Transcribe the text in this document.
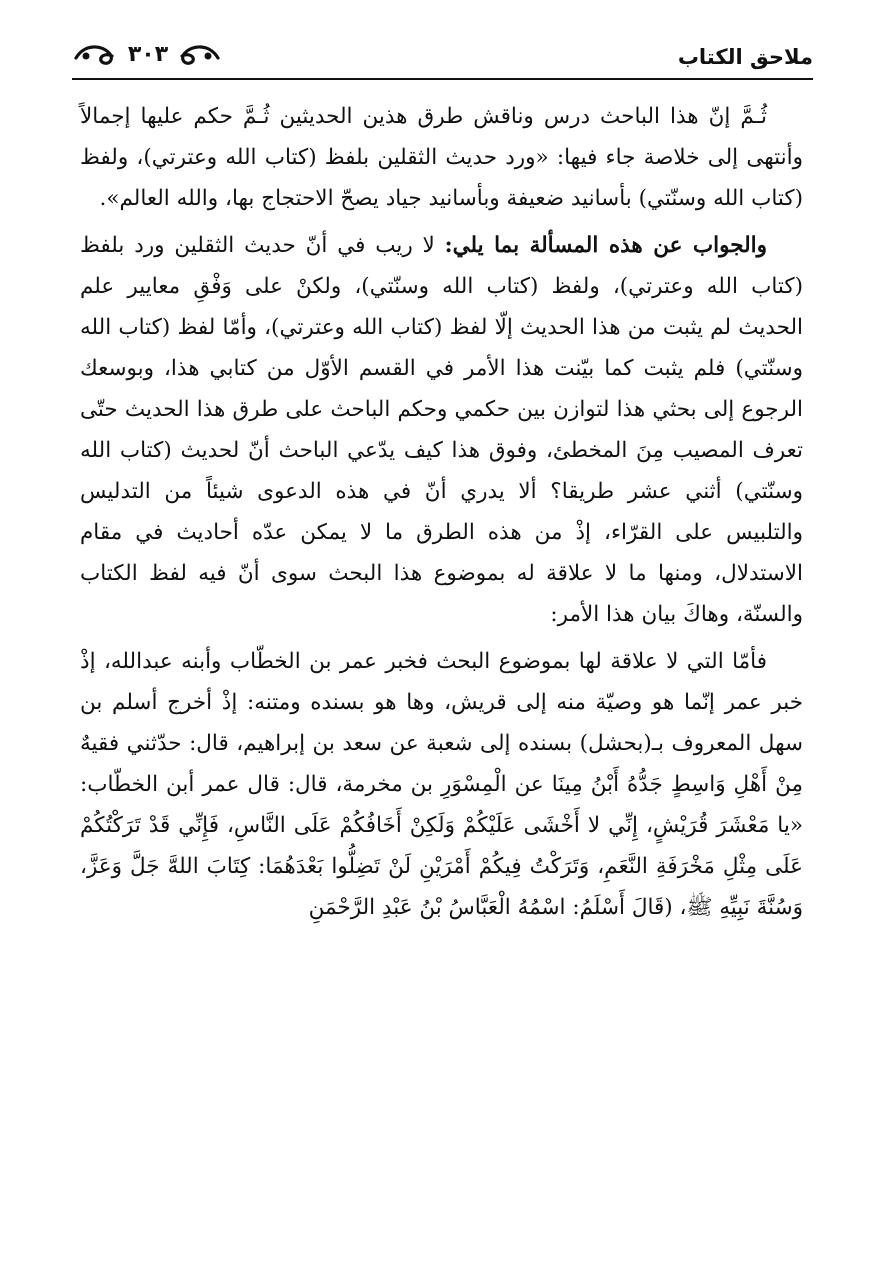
ملاحق الكتاب
٣٠٣

ثُـمَّ إنّ هذا الباحث درس وناقش طرق هذين الحديثين ثُـمَّ حكم عليها إجمالاً وأنتهى إلى خلاصة جاء فيها: «ورد حديث الثقلين بلفظ (كتاب الله وعترتي)، ولفظ (كتاب الله وسنّتي) بأسانيد ضعيفة وبأسانيد جياد يصحّ الاحتجاج بها، والله العالم».

والجواب عن هذه المسألة بما يلي: لا ريب في أنّ حديث الثقلين ورد بلفظ (كتاب الله وعترتي)، ولفظ (كتاب الله وسنّتي)، ولكنْ على وَفْقِ معايير علم الحديث لم يثبت من هذا الحديث إلّا لفظ (كتاب الله وعترتي)، وأمّا لفظ (كتاب الله وسنّتي) فلم يثبت كما بيّنت هذا الأمر في القسم الأوّل من كتابي هذا، وبوسعك الرجوع إلى بحثي هذا لتوازن بين حكمي وحكم الباحث على طرق هذا الحديث حتّى تعرف المصيب مِنَ المخطئ، وفوق هذا كيف يدّعي الباحث أنّ لحديث (كتاب الله وسنّتي) أثني عشر طريقا؟ ألا يدري أنّ في هذه الدعوى شيئاً من التدليس والتلبيس على القرّاء، إذْ من هذه الطرق ما لا يمكن عدّه أحاديث في مقام الاستدلال، ومنها ما لا علاقة له بموضوع هذا البحث سوى أنّ فيه لفظ الكتاب والسنّة، وهاكَ بيان هذا الأمر:

فأمّا التي لا علاقة لها بموضوع البحث فخبر عمر بن الخطّاب وأبنه عبدالله، إذْ خبر عمر إنّما هو وصيّة منه إلى قريش، وها هو بسنده ومتنه: إذْ أخرج أسلم بن سهل المعروف بـ(بحشل) بسنده إلى شعبة عن سعد بن إبراهيم، قال: حدّثني فقيهٌ مِنْ أَهْلِ وَاسِطٍ جَدُّهُ أَبْنُ مِينَا عن الْمِسْوَرِ بن مخرمة، قال: قال عمر أبن الخطّاب: «يا مَعْشَرَ قُرَيْشٍ، إِنِّي لا أَخْشَى عَلَيْكُمْ وَلَكِنْ أَخَافُكُمْ عَلَى النَّاسِ، فَإِنِّي قَدْ تَرَكْتُكُمْ عَلَى مِثْلِ مَخْرَفَةِ النَّعَمِ، وَتَرَكْتُ فِيكُمْ أَمْرَيْنِ لَنْ تَضِلُّوا بَعْدَهُمَا: كِتَابَ اللهَّ جَلَّ وَعَزَّ، وَسُنَّةَ نَبِيِّهِ ﷺ، (قَالَ أَسْلَمُ: اسْمُهُ الْعَبَّاسُ بْنُ عَبْدِ الرَّحْمَنِ
